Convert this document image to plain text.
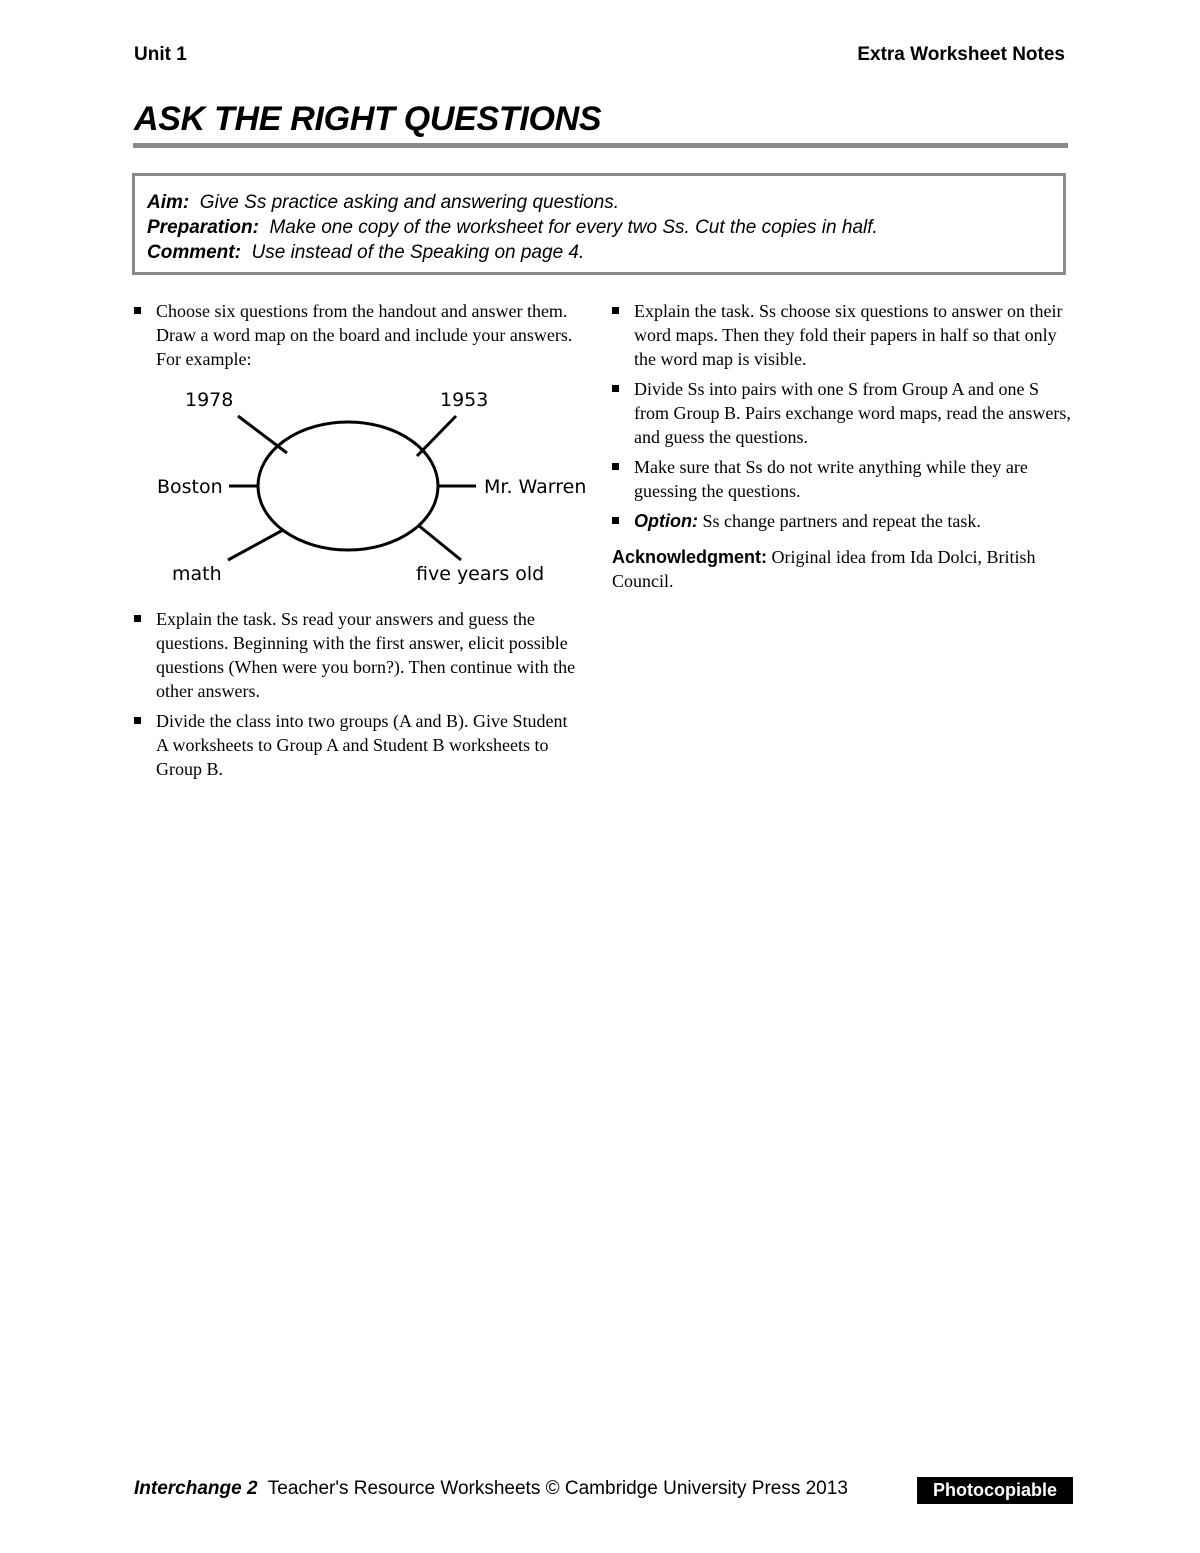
Unit 1	Extra Worksheet Notes
ASK THE RIGHT QUESTIONS
Aim: Give Ss practice asking and answering questions.
Preparation: Make one copy of the worksheet for every two Ss. Cut the copies in half.
Comment: Use instead of the Speaking on page 4.
Choose six questions from the handout and answer them. Draw a word map on the board and include your answers. For example:
1978	1953
Boston	Mr. Warren
math	five years old
Explain the task. Ss read your answers and guess the questions. Beginning with the first answer, elicit possible questions (When were you born?). Then continue with the other answers.
Divide the class into two groups (A and B). Give Student A worksheets to Group A and Student B worksheets to Group B.
Explain the task. Ss choose six questions to answer on their word maps. Then they fold their papers in half so that only the word map is visible.
Divide Ss into pairs with one S from Group A and one S from Group B. Pairs exchange word maps, read the answers, and guess the questions.
Make sure that Ss do not write anything while they are guessing the questions.
Option: Ss change partners and repeat the task.
Acknowledgment: Original idea from Ida Dolci, British Council.
Interchange 2 Teacher's Resource Worksheets © Cambridge University Press 2013	Photocopiable
